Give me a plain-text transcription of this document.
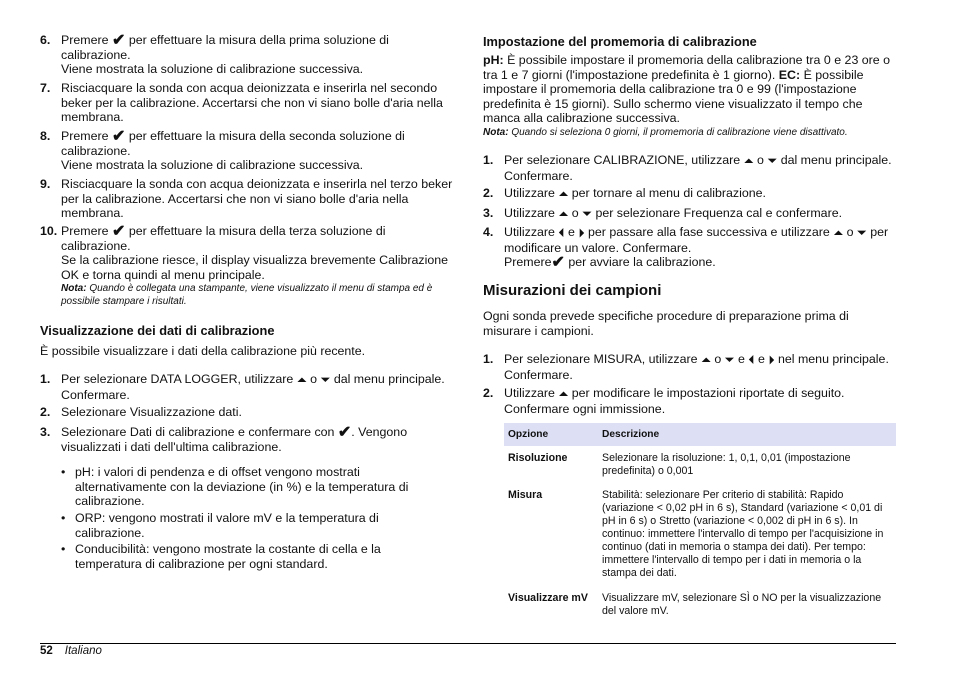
6. Premere ✔ per effettuare la misura della prima soluzione di calibrazione.
Viene mostrata la soluzione di calibrazione successiva.
7. Risciacquare la sonda con acqua deionizzata e inserirla nel secondo beker per la calibrazione. Accertarsi che non vi siano bolle d'aria nella membrana.
8. Premere ✔ per effettuare la misura della seconda soluzione di calibrazione.
Viene mostrata la soluzione di calibrazione successiva.
9. Risciacquare la sonda con acqua deionizzata e inserirla nel terzo beker per la calibrazione. Accertarsi che non vi siano bolle d'aria nella membrana.
10. Premere ✔ per effettuare la misura della terza soluzione di calibrazione.
Se la calibrazione riesce, il display visualizza brevemente Calibrazione OK e torna quindi al menu principale.
Nota: Quando è collegata una stampante, viene visualizzato il menu di stampa ed è possibile stampare i risultati.
Visualizzazione dei dati di calibrazione
È possibile visualizzare i dati della calibrazione più recente.
1. Per selezionare DATA LOGGER, utilizzare ⏶ o ⏷ dal menu principale. Confermare.
2. Selezionare Visualizzazione dati.
3. Selezionare Dati di calibrazione e confermare con ✔. Vengono visualizzati i dati dell'ultima calibrazione.
• pH: i valori di pendenza e di offset vengono mostrati alternativamente con la deviazione (in %) e la temperatura di calibrazione.
• ORP: vengono mostrati il valore mV e la temperatura di calibrazione.
• Conducibilità: vengono mostrate la costante di cella e la temperatura di calibrazione per ogni standard.
Impostazione del promemoria di calibrazione
pH: È possibile impostare il promemoria della calibrazione tra 0 e 23 ore o tra 1 e 7 giorni (l'impostazione predefinita è 1 giorno). EC: È possibile impostare il promemoria della calibrazione tra 0 e 99 (l'impostazione predefinita è 15 giorni). Sullo schermo viene visualizzato il tempo che manca alla calibrazione successiva.
Nota: Quando si seleziona 0 giorni, il promemoria di calibrazione viene disattivato.
1. Per selezionare CALIBRAZIONE, utilizzare ⏶ o ⏷ dal menu principale. Confermare.
2. Utilizzare ⏶ per tornare al menu di calibrazione.
3. Utilizzare ⏶ o ⏷ per selezionare Frequenza cal e confermare.
4. Utilizzare ⏴ e ⏵ per passare alla fase successiva e utilizzare ⏶ o ⏷ per modificare un valore. Confermare.
Premere✔ per avviare la calibrazione.
Misurazioni dei campioni
Ogni sonda prevede specifiche procedure di preparazione prima di misurare i campioni.
1. Per selezionare MISURA, utilizzare ⏶ o ⏷ e ⏴ e ⏵ nel menu principale. Confermare.
2. Utilizzare ⏶ per modificare le impostazioni riportate di seguito. Confermare ogni immissione.
Opzione	Descrizione
Risoluzione	Selezionare la risoluzione: 1, 0,1, 0,01 (impostazione predefinita) o 0,001
Misura	Stabilità: selezionare Per criterio di stabilità: Rapido (variazione < 0,02 pH in 6 s), Standard (variazione < 0,01 di pH in 6 s) o Stretto (variazione < 0,002 di pH in 6 s). In continuo: immettere l'intervallo di tempo per l'acquisizione in continuo (dati in memoria o stampa dei dati). Per tempo: immettere l'intervallo di tempo per i dati in memoria o la stampa dei dati.
Visualizzare mV	Visualizzare mV, selezionare SÌ o NO per la visualizzazione del valore mV.
52 Italiano
